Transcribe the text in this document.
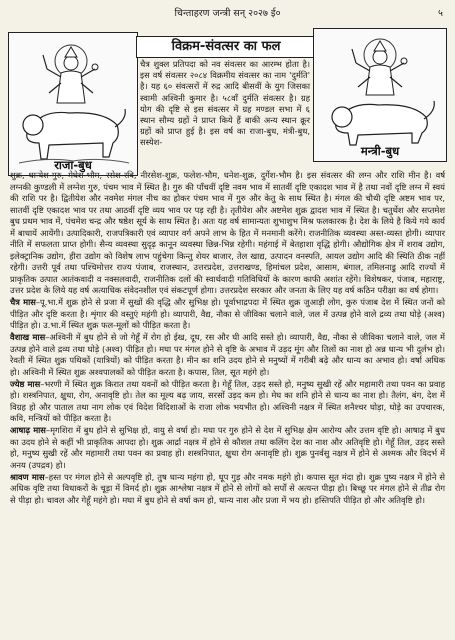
चिन्ताहरण जन्त्री सन् २०२७ ई०	५
राजा-बुध
विक्रम-संवत्सर का फल
मन्त्री-बुध
चैत्र शुक्ल प्रतिपदा को नव संवत्सर का आरम्भ होता है। इस वर्ष संवत्सर २०८४ विक्रमीय संवत्सर का नाम 'दुर्मति' है। यह ६० संवत्सरों में रुद्र आदि बीसवीं के युग जिसका स्वामी अश्विनी कुमार है। ५८वाँ दुर्मति संवत्सर है। ग्रह योग की दृष्टि से इस संवत्सर में ग्रह मण्डल सभा में ६ स्थान सौम्य ग्रहों ने प्राप्त किये हैं बाकी अन्य स्थान क्रूर ग्रहों को प्राप्त हुई है। इस वर्ष का राजा-बुध, मंत्री-बुध, सस्येश-

शुक्र, धान्येश-गुरु, मेघेश-भौम, रसेश-रवि, नीरसेश-शुक्र, फलेश-भौम, धनेश-शुक्र, दुर्गेश-भौम है। इस संवत्सर की लग्न और राशि मीन है। वर्ष लग्नकी कुण्डली में लग्नेश गुरु, पंचम भाव में स्थित है। गुरु की पाँचवीं दृष्टि नवम भाव में सातवीं दृष्टि एकादश भाव में है तथा नवों दृष्टि लग्न में स्वयं की राशि पर है। द्वितीयेश और नवमेश मंगल नीच का होकर पंचम भाव में गुरु और केतु के साथ स्थित है। मंगल की चौथी दृष्टि अष्टम भाव पर, सातवीं दृष्टि एकादश भाव पर तथा आठवीं दृष्टि व्यय भाव पर पड़ रही है। तृतीयेश और अष्टमेश शुक्र द्वादश भाव में स्थित है। चतुर्थेश और सप्तमेश बुध प्रथम भाव में, पंचमेश चन्द्र और षष्ठेश सूर्य के साथ स्थित है। अतः यह वर्ष सामान्यतः शुभाशुभ मिश्र फलकारक है। देश के लिये है किये गये कार्य में बाधायें आयेंगी। उत्पादिकारी, राजपत्रिकारी एवं व्यापार वर्ग अपने लाभ के हित में मनमानी करेंगे। राजनीतिक व्यवस्था अस्त-व्यस्त होगी। व्यापार नीति में सफलता प्राप्त होगी। सैन्य व्यवस्था सुदृढ़ कानून व्यवस्था छिन्न-भिन्न रहेगी। महंगाई में बेतहाशा वृद्धि होगी। औद्योगिक क्षेत्र में शराब उद्योग, इलेक्ट्रानिक उद्योग, हीरा उद्योग को विशेष लाभ पहुंचेगा किन्तु शेयर बाजार, तेल खाद्य, उत्पादन वनस्पति, आयल उद्योग आदि की स्थिति ठीक नहीं रहेगी। उत्तरी पूर्व तथा पश्चिमोत्तर राज्य पंजाब, राजस्थान, उत्तरप्रदेश, उत्तराखण्ड, हिमांचल प्रदेश, आसाम, बंगाल, तमिलनाडु आदि राज्यों में प्राकृतिक उत्पात आतंकवादी व नक्सलवादी, राजनीतिक दलों की स्वार्थवादी गतिविधियों के कारण काफी अशांत रहेंगे। विशेषकर, पंजाब, महाराष्ट्र, उत्तर प्रदेश के लिये यह वर्ष अत्याधिक संवेदनशील एवं संकटपूर्ण होगा। उत्तरप्रदेश सरकार और जनता के लिए यह वर्ष कठिन परीक्षा का वर्ष होगा।

चैत्र मास–पू.भा.में शुक्र होने से प्रजा में सुखों की वृद्धि और सुभिक्ष हो। पूर्वाभाद्रपदा में स्थित शुक्र जुआड़ी लोग, कुरु पंजाब देश में स्थित जनों को पीड़ित और दृष्टि करता है। शृंगार की वस्तुएं महंगी हो। व्यापारी, वैद्य, नौका से जीविका चलाने वाले, जल में उत्पन्न होने वाले द्रव्य तथा घोड़े (अश्व) पीड़ित हो। उ.भा.में स्थित शुक्र फल-मूलों को पीड़ित करता है।

वैशाख मास–अश्विनी में बुध होने से जो गेहूँ में रोग हो ईख, दूध, रस और घी आदि सस्ते हो। व्यापारी, वैद्य, नौका से जीविका चलाने वाले, जल में उत्पन्न होने वाले द्रव्य तथा घोड़े (अश्व) पीड़ित हो। मघा पर मंगल होने से वृष्टि के अभाव में उड़द मूंग और तिलों का नाश हो अन्न धान्य भी दुर्लभ हो। रेवती में स्थित शुक्र पथिकों (यात्रियों) को पीड़ित करता है। मीन का शनि उदय होने से मनुष्यों में गरीबी बढ़े और धान्य का अभाव हो। वर्षा अधिक हो। अश्विनी में स्थित शुक्र अश्वपालकों को पीड़ित करता है। कपास, तिल, सूत महंगे हो।

ज्येष्ठ मास–भरणी में स्थित शुक्र किरात तथा यवनों को पीड़ित करता है। गेहूँ तिल, उड़द सस्ते हो, मनुष्य सुखी रहें और महामारी तथा पवन का प्रवाह हो। शस्त्रनिपात, क्षुधा, रोग, अनावृष्टि हो। तेल का मूल्य बढ़ जाय, सरसों उड़द कम हो। मेघ का शनि होने से धान्य का नाश हो। तैलंग, बंग, देश में विग्रह हो और पाताल तथा नाग लोक एवं विदेश विदिशाओं के राजा लोक भयभीत हो। अश्विनी नक्षत्र में स्थित शनैश्चर घोड़ा, घोड़े का उपचारक, कवि, मन्त्रियों को पीड़ित करता है।

आषाढ़ मास–मृगशिरा में बुध होने से सुभिक्ष हो, वायु से वर्षा हो। मघा पर गुरु होने से देश में सुभिक्ष क्षेम आरोग्य और उत्तम वृष्टि हो। आषाढ़ में बुध का उदय होने से कहीं भी प्राकृतिक आपदा हो। शुक्र आर्द्रा नक्षत्र में होने से कौशल तथा कलिंग देश का नाश और अतिवृष्टि हो। गेहूँ तिल, उड़द सस्ते हो, मनुष्य सुखी रहें और महामारी तथा पवन का प्रवाह हो। शस्त्रनिपात, क्षुधा रोग अनावृष्टि हो। शुक्र पुनर्वसु नक्षत्र में होने से अश्मक और विदर्भ में अनय (उपद्रव) हो।

श्रावण मास–हस्त पर मंगल होने से अल्पवृष्टि हो, तुष धान्य महंगा हो, धूप गुड़ और नमक महंगे हो। कपास सूत मंदा हो। शुक्र पुष्य नक्षत्र में होने से अधिक वृष्टि तथा विधाकरों के चूड़ा में विमर्द हो। शुक्र आश्लेषा नक्षत्र में होने से लोगों को सर्पों से अत्यन्त पीड़ा हो। बिच्छू पर मंगल होने से तीव्र रोग से पीड़ा हो। चावल और गेहूँ महंगे हो। मघा में बुध होने से वर्षा कम हो, धान्य नाश और प्रजा में भय हो। हस्तिपति पीड़ित हो और अतिवृष्टि हो।
